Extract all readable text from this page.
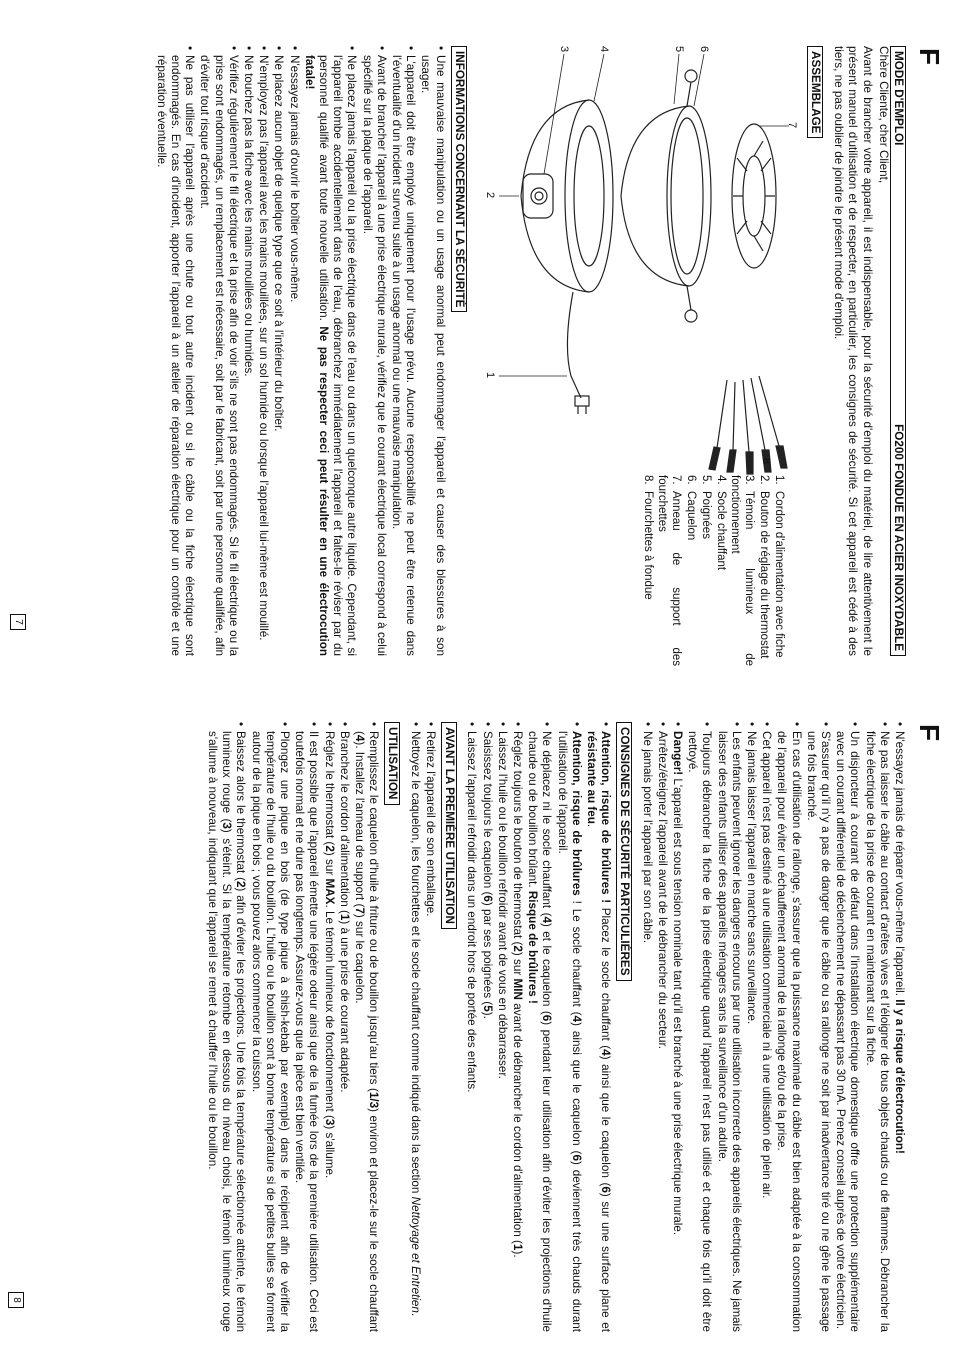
F
MODE D'EMPLOI
FO200 FONDUE EN ACIER INOXYDABLE

Chère Cliente, cher Client,

Avant de brancher votre appareil, il est indispensable, pour la sécurité d'emploi du matériel, de lire attentivement le présent manuel d'utilisation et de respecter, en particulier, les consignes de sécurité. Si cet appareil est cédé à des tiers, ne pas oublier de joindre le présent mode d'emploi.

ASSEMBLAGE
7
6
5
4
3
2
1
8
1.Cordon d'alimentation avec fiche
2.Bouton de réglage du thermostat
3.Témoin lumineux de fonctionnement
4.Socle chauffant
5.Poignées
6.Caquelon
7.Anneau de support des fourchettes
8.Fourchettes à fondue
INFORMATIONS CONCERNANT LA SÉCURITÉ
• Une mauvaise manipulation ou un usage anormal peut endommager l'appareil et causer des blessures à son usager.
• L'appareil doit être employé uniquement pour l'usage prévu. Aucune responsabilité ne peut être retenue dans l'éventualité d'un incident survenu suite à un usage anormal ou une mauvaise manipulation.
• Avant de brancher l'appareil à une prise électrique murale, vérifiez que le courant électrique local correspond à celui spécifié sur la plaque de l'appareil.
• Ne placez jamais l'appareil ou la prise électrique dans de l'eau ou dans un quelconque autre liquide. Cependant, si l'appareil tombe accidentellement dans de l'eau, débranchez immédiatement l'appareil et faites-le réviser par du personnel qualifié avant toute nouvelle utilisation. Ne pas respecter ceci peut résulter en une électrocution fatale!
• N'essayez jamais d'ouvrir le boîtier vous-même.
• Ne placez aucun objet de quelque type que ce soit à l'intérieur du boîtier.
• N'employez pas l'appareil avec les mains mouillées, sur un sol humide ou lorsque l'appareil lui-même est mouillé.
• Ne touchez pas la fiche avec les mains mouillées ou humides.
• Vérifiez régulièrement le fil électrique et la prise afin de voir s'ils ne sont pas endommagés. Si le fil électrique ou la prise sont endommagés, un remplacement est nécessaire, soit par le fabricant, soit par une personne qualifiée, afin d'éviter tout risque d'accident.
• Ne pas utiliser l'appareil après une chute ou tout autre incident ou si le câble ou la fiche électrique sont endommagés. En cas d'incident, apporter l'appareil à un atelier de réparation électrique pour un contrôle et une réparation éventuelle.
7
F
• N'essayez jamais de réparer vous-même l'appareil. Il y a risque d'électrocution!
• Ne pas laisser le câble au contact d'arêtes vives et l'éloigner de tous objets chauds ou de flammes. Débrancher la fiche électrique de la prise de courant en maintenant sur la fiche.
• Un disjoncteur à courant de défaut dans l'installation électrique domestique offre une protection supplémentaire avec un courant différentiel de déclenchement ne dépassant pas 30 mA. Prenez conseil auprès de votre électricien.
• S'assurer qu'il n'y a pas de danger que le câble ou sa rallonge ne soit par inadvertance tiré ou ne gêne le passage une fois branché.
• En cas d'utilisation de rallonge, s'assurer que la puissance maximale du câble est bien adaptée à la consommation de l'appareil pour éviter un échauffement anormal de la rallonge et/ou de la prise.
• Cet appareil n'est pas destiné à une utilisation commerciale ni à une utilisation de plein air.
• Ne jamais laisser l'appareil en marche sans surveillance.
• Les enfants peuvent ignorer les dangers encourus par une utilisation incorrecte des appareils électriques. Ne jamais laisser des enfants utiliser des appareils ménagers sans la surveillance d'un adulte.
• Toujours débrancher la fiche de la prise électrique quand l'appareil n'est pas utilisé et chaque fois qu'il doit être nettoyé.
• Danger! L'appareil est sous tension nominale tant qu'il est branché à une prise électrique murale.
• Arrêtez/éteignez l'appareil avant de le débrancher du secteur.
• Ne jamais porter l'appareil par son câble.
CONSIGNES DE SÉCURITÉ PARTICULIÈRES
• Attention, risque de brûlures ! Placez le socle chauffant (4) ainsi que le caquelon (6) sur une surface plane et résistante au feu.
• Attention, risque de brûlures ! Le socle chauffant (4) ainsi que le caquelon (6) deviennent très chauds durant l'utilisation de l'appareil.
• Ne déplacez ni le socle chauffant (4) et le caquelon (6) pendant leur utilisation afin d'éviter les projections d'huile chaude ou de bouillon brûlant. Risque de brûlures !
• Réglez toujours le bouton de thermostat (2) sur MIN avant de débrancher le cordon d'alimentation (1).
• Laissez l'huile ou le bouillon refroidir avant de vous en débarrasser.
• Saisissez toujours le caquelon (6) par ses poignées (5).
• Laissez l'appareil refroidir dans un endroit hors de portée des enfants.
AVANT LA PREMIÈRE UTILISATION
• Retirez l'appareil de son emballage.
• Nettoyez le caquelon, les fourchettes et le socle chauffant comme indiqué dans la section Nettoyage et Entretien.
UTILISATION
• Remplissez le caquelon d'huile à friture ou de bouillon jusqu'au tiers (1/3) environ et placez-le sur le socle chauffant (4). Installez l'anneau de support (7) sur le caquelon.
• Branchez le cordon d'alimentation (1) à une prise de courant adaptée.
• Réglez le thermostat (2) sur MAX. Le témoin lumineux de fonctionnement (3) s'allume.
• Il est possible que l'appareil émette une légère odeur ainsi que de la fumée lors de la première utilisation. Ceci est toutefois normal et ne dure pas longtemps. Assurez-vous que la pièce est bien ventilée.
• Plongez une pique en bois (de type pique à shish-kebab par exemple) dans le récipient afin de vérifier la température de l'huile ou du bouillon. L'huile ou le bouillon sont à bonne température si de petites bulles se forment autour de la pique en bois ; vous pouvez alors commencer la cuisson.
• Baissez alors le thermostat (2) afin d'éviter les projections. Une fois la température sélectionnée atteinte, le témoin lumineux rouge (3) s'éteint. Si la température retombe en dessous du niveau choisi, le témoin lumineux rouge s'allume à nouveau, indiquant que l'appareil se remet à chauffer l'huile ou le bouillon.
8
